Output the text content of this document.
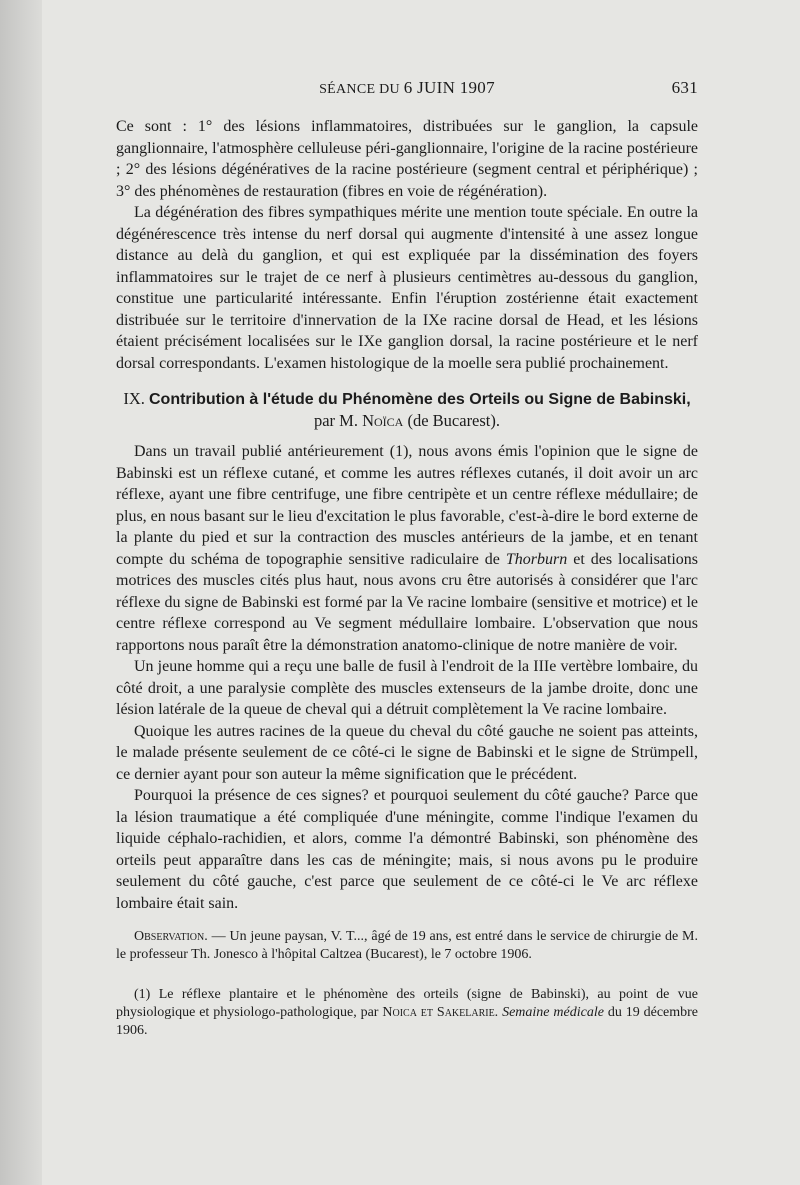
SÉANCE DU 6 JUIN 1907	631

Ce sont : 1° des lésions inflammatoires, distribuées sur le ganglion, la capsule ganglionnaire, l'atmosphère celluleuse péri-ganglionnaire, l'origine de la racine postérieure ; 2° des lésions dégénératives de la racine postérieure (segment central et périphérique) ; 3° des phénomènes de restauration (fibres en voie de régénération).

La dégénération des fibres sympathiques mérite une mention toute spéciale. En outre la dégénérescence très intense du nerf dorsal qui augmente d'intensité à une assez longue distance au delà du ganglion, et qui est expliquée par la dissémination des foyers inflammatoires sur le trajet de ce nerf à plusieurs centimètres au-dessous du ganglion, constitue une particularité intéressante. Enfin l'éruption zostérienne était exactement distribuée sur le territoire d'innervation de la IXe racine dorsal de Head, et les lésions étaient précisément localisées sur le IXe ganglion dorsal, la racine postérieure et le nerf dorsal correspondants. L'examen histologique de la moelle sera publié prochainement.

IX. Contribution à l'étude du Phénomène des Orteils ou Signe de Babinski, par M. Noïca (de Bucarest).

Dans un travail publié antérieurement (1), nous avons émis l'opinion que le signe de Babinski est un réflexe cutané, et comme les autres réflexes cutanés, il doit avoir un arc réflexe, ayant une fibre centrifuge, une fibre centripète et un centre réflexe médullaire; de plus, en nous basant sur le lieu d'excitation le plus favorable, c'est-à-dire le bord externe de la plante du pied et sur la contraction des muscles antérieurs de la jambe, et en tenant compte du schéma de topographie sensitive radiculaire de Thorburn et des localisations motrices des muscles cités plus haut, nous avons cru être autorisés à considérer que l'arc réflexe du signe de Babinski est formé par la Ve racine lombaire (sensitive et motrice) et le centre réflexe correspond au Ve segment médullaire lombaire. L'observation que nous rapportons nous paraît être la démonstration anatomo-clinique de notre manière de voir.

Un jeune homme qui a reçu une balle de fusil à l'endroit de la IIIe vertèbre lombaire, du côté droit, a une paralysie complète des muscles extenseurs de la jambe droite, donc une lésion latérale de la queue de cheval qui a détruit complètement la Ve racine lombaire.

Quoique les autres racines de la queue du cheval du côté gauche ne soient pas atteints, le malade présente seulement de ce côté-ci le signe de Babinski et le signe de Strümpell, ce dernier ayant pour son auteur la même signification que le précédent.

Pourquoi la présence de ces signes? et pourquoi seulement du côté gauche? Parce que la lésion traumatique a été compliquée d'une méningite, comme l'indique l'examen du liquide céphalo-rachidien, et alors, comme l'a démontré Babinski, son phénomène des orteils peut apparaître dans les cas de méningite; mais, si nous avons pu le produire seulement du côté gauche, c'est parce que seulement de ce côté-ci le Ve arc réflexe lombaire était sain.

Observation. — Un jeune paysan, V. T..., âgé de 19 ans, est entré dans le service de chirurgie de M. le professeur Th. Jonesco à l'hôpital Caltzea (Bucarest), le 7 octobre 1906.
(1) Le réflexe plantaire et le phénomène des orteils (signe de Babinski), au point de vue physiologique et physiologo-pathologique, par Noica et Sakelarie. Semaine médicale du 19 décembre 1906.
